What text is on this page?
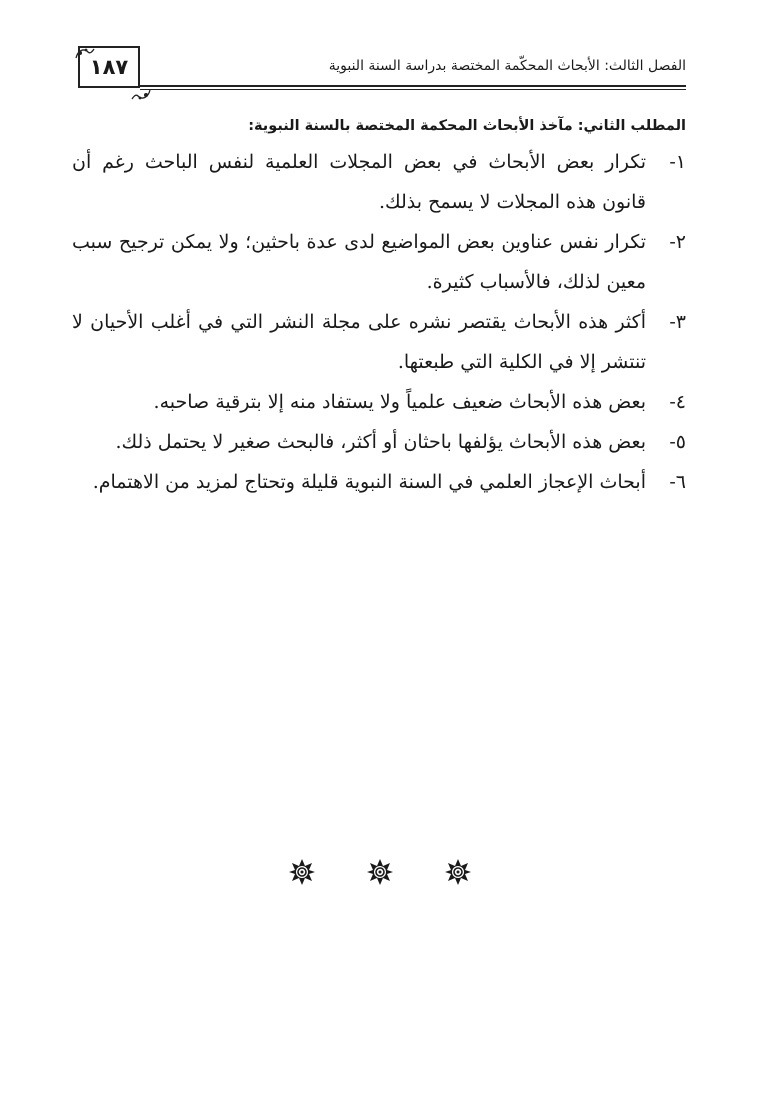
١٨٧	الفصل الثالث: الأبحاث المحكّمة المختصة بدراسة السنة النبوية
المطلب الثاني: مآخذ الأبحاث المحكمة المختصة بالسنة النبوية:
١-
تكرار بعض الأبحاث في بعض المجلات العلمية لنفس الباحث رغم أن قانون هذه المجلات لا يسمح بذلك.
٢-
تكرار نفس عناوين بعض المواضيع لدى عدة باحثين؛ ولا يمكن ترجيح سبب معين لذلك، فالأسباب كثيرة.
٣-
أكثر هذه الأبحاث يقتصر نشره على مجلة النشر التي في أغلب الأحيان لا تنتشر إلا في الكلية التي طبعتها.
٤-
بعض هذه الأبحاث ضعيف علمياً ولا يستفاد منه إلا بترقية صاحبه.
٥-
بعض هذه الأبحاث يؤلفها باحثان أو أكثر، فالبحث صغير لا يحتمل ذلك.
٦-
أبحاث الإعجاز العلمي في السنة النبوية قليلة وتحتاج لمزيد من الاهتمام.
